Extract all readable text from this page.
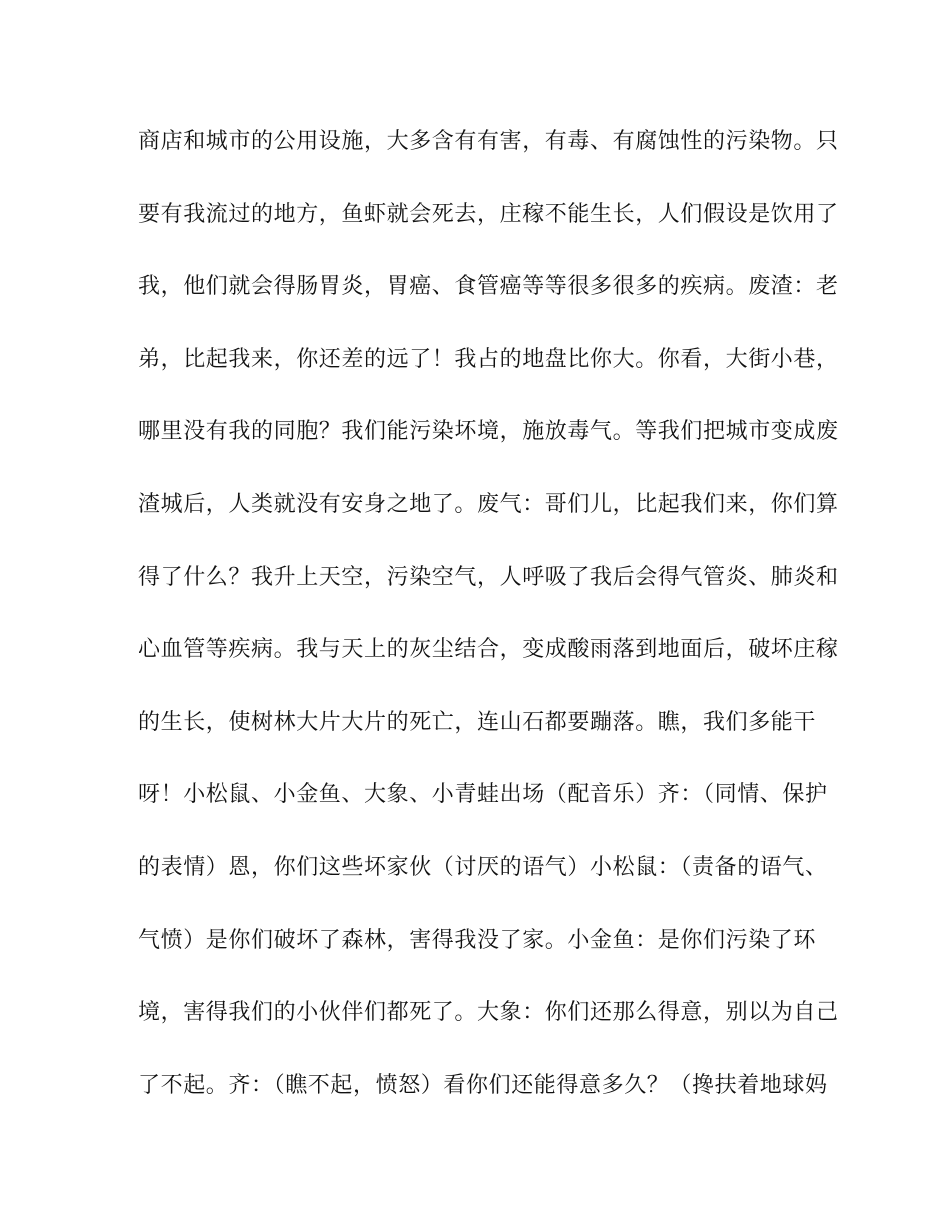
商店和城市的公用设施，大多含有有害，有毒、有腐蚀性的污染物。只
要有我流过的地方，鱼虾就会死去，庄稼不能生长，人们假设是饮用了
我，他们就会得肠胃炎，胃癌、食管癌等等很多很多的疾病。废渣：老
弟，比起我来，你还差的远了！我占的地盘比你大。你看，大街小巷，
哪里没有我的同胞？我们能污染坏境，施放毒气。等我们把城市变成废
渣城后，人类就没有安身之地了。废气：哥们儿，比起我们来，你们算
得了什么？我升上天空，污染空气，人呼吸了我后会得气管炎、肺炎和
心血管等疾病。我与天上的灰尘结合，变成酸雨落到地面后，破坏庄稼
的生长，使树林大片大片的死亡，连山石都要蹦落。瞧，我们多能干
呀！小松鼠、小金鱼、大象、小青蛙出场（配音乐）齐：（同情、保护
的表情）恩，你们这些坏家伙（讨厌的语气）小松鼠：（责备的语气、
气愤）是你们破坏了森林，害得我没了家。小金鱼：是你们污染了环
境，害得我们的小伙伴们都死了。大象：你们还那么得意，别以为自己
了不起。齐：（瞧不起，愤怒）看你们还能得意多久？（搀扶着地球妈
